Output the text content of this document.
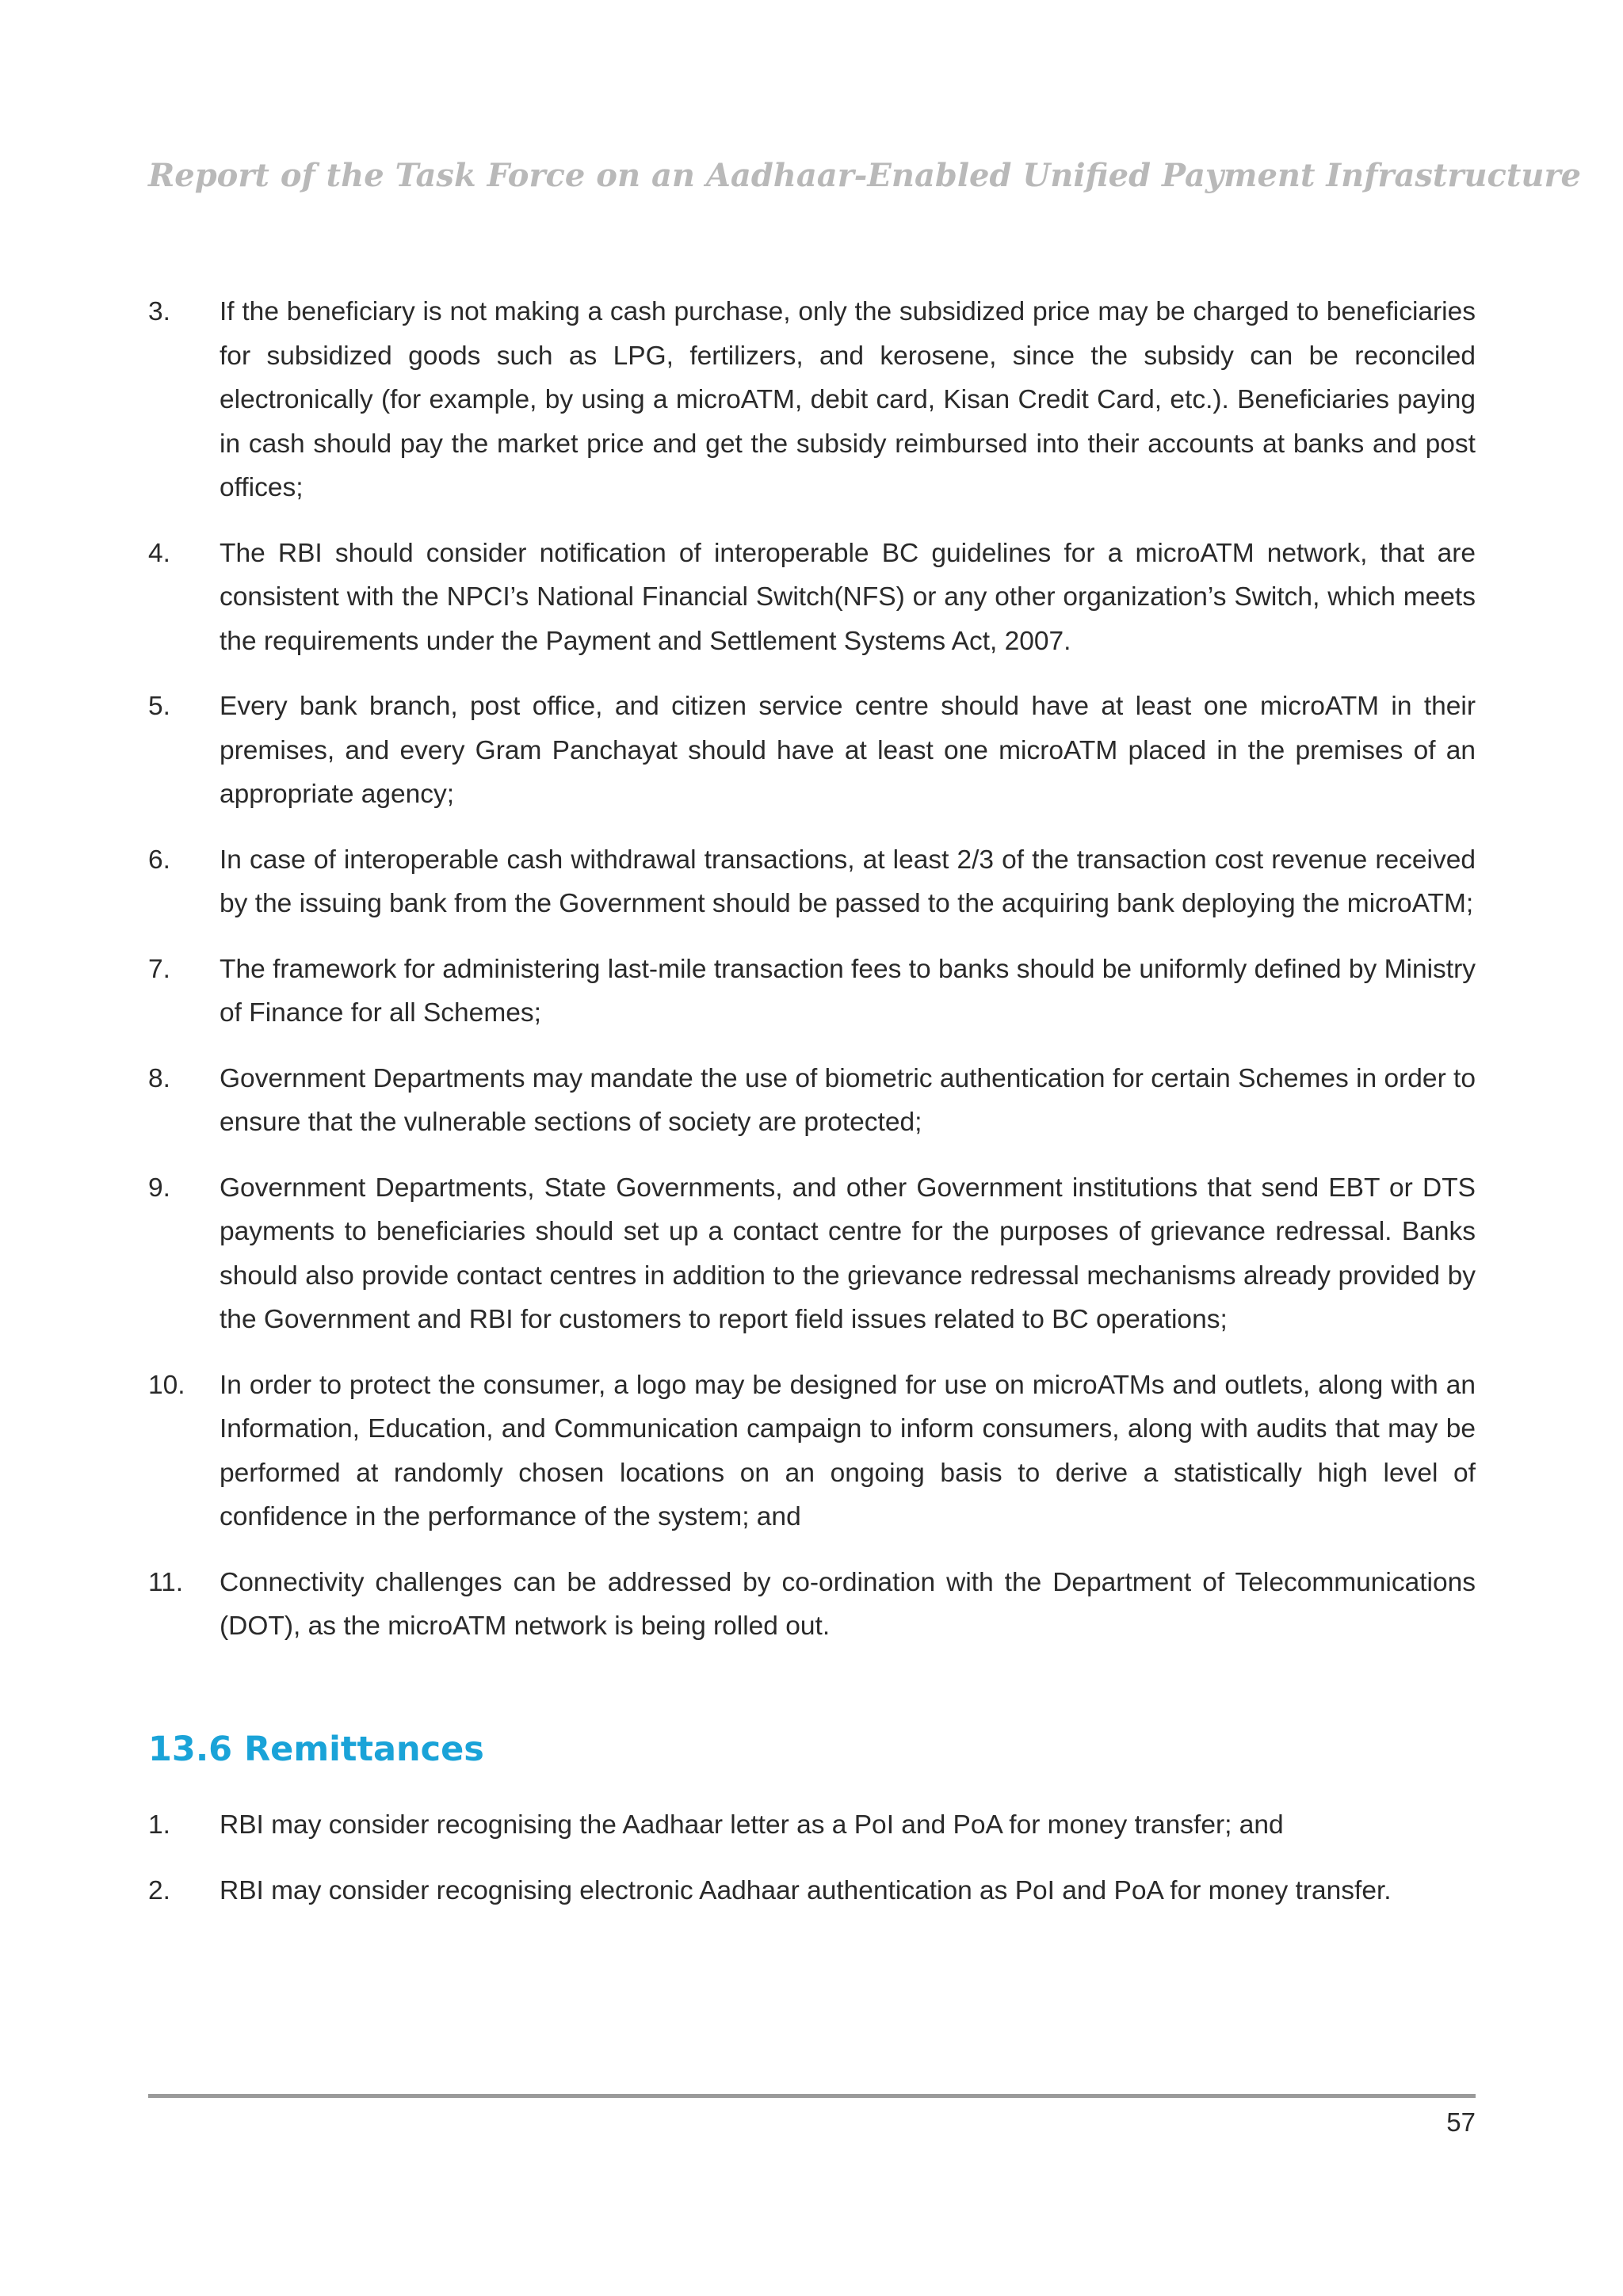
Report of the Task Force on an Aadhaar-Enabled Unified Payment Infrastructure
3.	If the beneficiary is not making a cash purchase, only the subsidized price may be charged to beneficiaries for subsidized goods such as LPG, fertilizers, and kerosene, since the subsidy can be reconciled electronically (for example, by using a microATM, debit card, Kisan Credit Card, etc.). Beneficiaries paying in cash should pay the market price and get the subsidy reimbursed into their accounts at banks and post offices;
4.	The RBI should consider notification of interoperable BC guidelines for a microATM network, that are consistent with the NPCI’s National Financial Switch(NFS) or any other organization’s Switch, which meets the requirements under the Payment and Settlement Systems Act, 2007.
5.	Every bank branch, post office, and citizen service centre should have at least one microATM in their premises, and every Gram Panchayat should have at least one microATM placed in the premises of an appropriate agency;
6.	In case of interoperable cash withdrawal transactions, at least 2/3 of the transaction cost revenue received by the issuing bank from the Government should be passed to the acquiring bank deploying the microATM;
7.	The framework for administering last-mile transaction fees to banks should be uniformly defined by Ministry of Finance for all Schemes;
8.	Government Departments may mandate the use of biometric authentication for certain Schemes in order to ensure that the vulnerable sections of society are protected;
9.	Government Departments, State Governments, and other Government institutions that send EBT or DTS payments to beneficiaries should set up a contact centre for the purposes of grievance redressal. Banks should also provide contact centres in addition to the grievance redressal mechanisms already provided by the Government and RBI for customers to report field issues related to BC operations;
10.	In order to protect the consumer, a logo may be designed for use on microATMs and outlets, along with an Information, Education, and Communication campaign to inform consumers, along with audits that may be performed at randomly chosen locations on an ongoing basis to derive a statistically high level of confidence in the performance of the system; and
11.	Connectivity challenges can be addressed by co-ordination with the Department of Telecommunications (DOT), as the microATM network is being rolled out.
13.6 Remittances
1.	RBI may consider recognising the Aadhaar letter as a PoI and PoA for money transfer; and
2.	RBI may consider recognising electronic Aadhaar authentication as PoI and PoA for money transfer.
57
